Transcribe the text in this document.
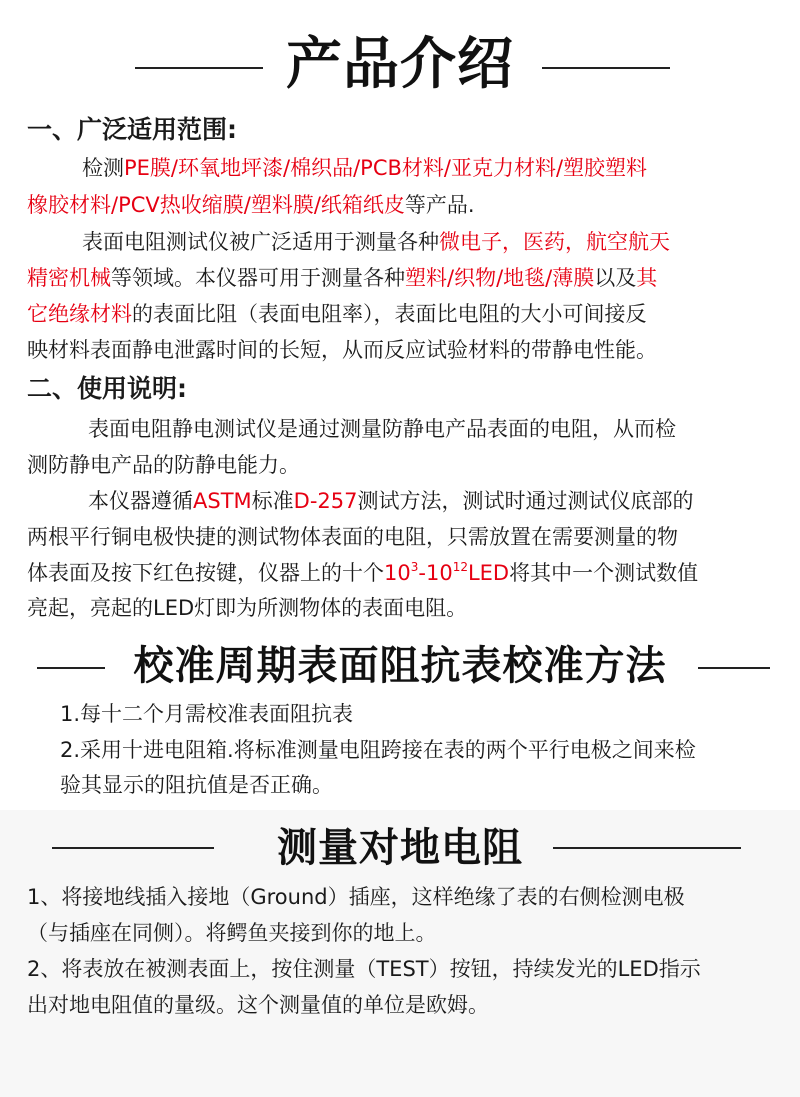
产品介绍
一、广泛适用范围:
检测PE膜/环氧地坪漆/棉织品/PCB材料/亚克力材料/塑胶塑料
橡胶材料/PCV热收缩膜/塑料膜/纸箱纸皮等产品.
表面电阻测试仪被广泛适用于测量各种微电子，医药，航空航天
精密机械等领域。本仪器可用于测量各种塑料/织物/地毯/薄膜以及其
它绝缘材料的表面比阻（表面电阻率），表面比电阻的大小可间接反
映材料表面静电泄露时间的长短，从而反应试验材料的带静电性能。
二、使用说明:
表面电阻静电测试仪是通过测量防静电产品表面的电阻，从而检
测防静电产品的防静电能力。
本仪器遵循ASTM标准D-257测试方法，测试时通过测试仪底部的
两根平行铜电极快捷的测试物体表面的电阻，只需放置在需要测量的物
体表面及按下红色按键，仪器上的十个$10^3-10^{12}LED$将其中一个测试数值
亮起，亮起的LED灯即为所测物体的表面电阻。
校准周期表面阻抗表校准方法
1.每十二个月需校准表面阻抗表
2.采用十进电阻箱.将标准测量电阻跨接在表的两个平行电极之间来检
验其显示的阻抗值是否正确。
测量对地电阻
1、将接地线插入接地（Ground）插座，这样绝缘了表的右侧检测电极
（与插座在同侧）。将鳄鱼夹接到你的地上。
2、将表放在被测表面上，按住测量（TEST）按钮，持续发光的LED指示
出对地电阻值的量级。这个测量值的单位是欧姆。
